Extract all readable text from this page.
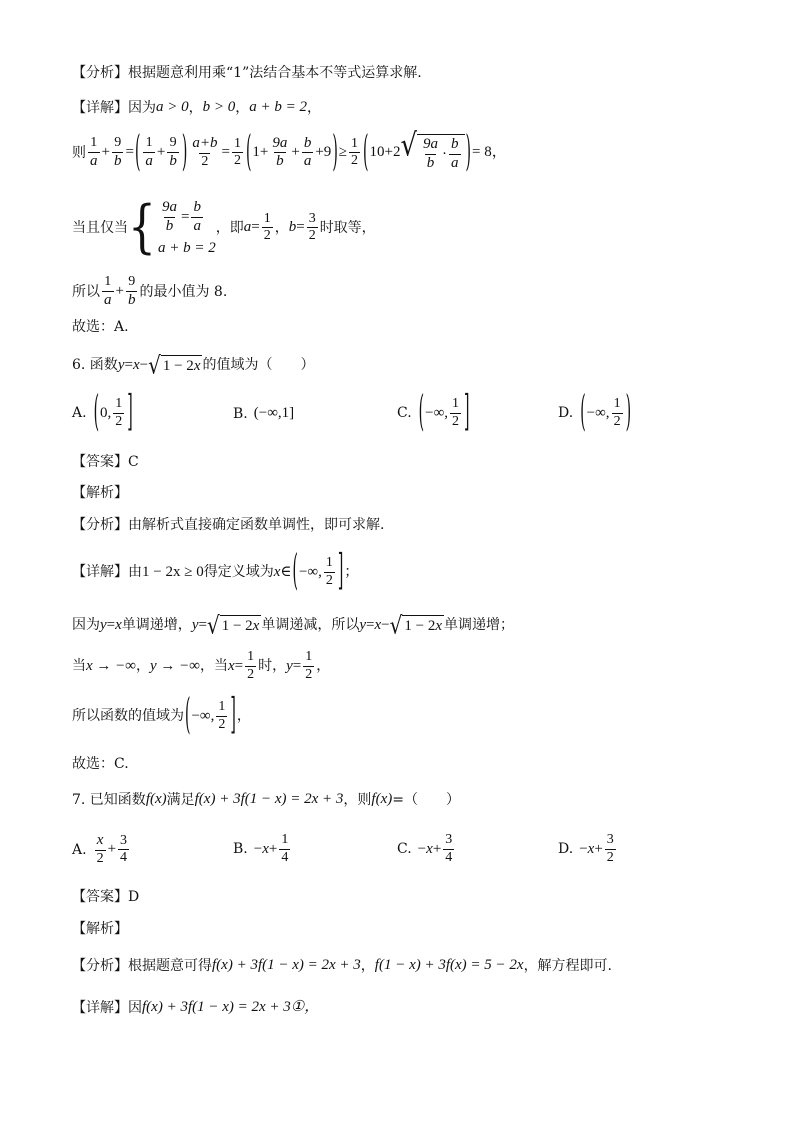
【分析】 根据题意利用乘“1”法结合基本不等式运算求解.
【详解】 因为 a > 0 ， b > 0 ， a + b = 2 ，
则 $\frac{1}{a} + \frac{9}{b}$ = ( $\frac{1}{a} + \frac{9}{b}$ ) $\frac{a+b}{2} = \frac{1}{2}$ ( $1+ \frac{9a}{b} + \frac{b}{a} +9$ ) ≥ $\frac{1}{2}$ ( 10+2 √ $\frac{9a}{b} \cdot \frac{b}{a}$ ) = 8，
当且仅当 { $\frac{9a}{b} = \frac{b}{a}$
a + b = 2
，即 $a = \frac{1}{2}$ ， $b = \frac{3}{2}$ 时取等，
所以 $\frac{1}{a} + \frac{9}{b}$ 的最小值为 8.
故选：A.
6. 函数 y = x − √ 1 − 2 x 的值域为（　　）
A. ( 0, $\frac{1}{2}$ ]	B. (−∞,1]	C. ( −∞, $\frac{1}{2}$ ]	D. ( −∞, $\frac{1}{2}$ )
【答案】 C
【解析】
【分析】 由解析式直接确定函数单调性，即可求解.
【详解】 由 1 − 2x ≥ 0 得定义域为 x ∈ ( −∞, $\frac{1}{2}$ ] ；
因为 y = x 单调递增， y = √ 1 − 2 x 单调递减，所以 y = x − √ 1 − 2 x 单调递增；
当 x → −∞ ， y → −∞ ，当 $x = \frac{1}{2}$ 时， $y = \frac{1}{2}$ ，
所以函数的值域为 ( −∞, $\frac{1}{2}$ ] ，
故选：C.
7. 已知函数 f(x) 满足 f(x) + 3f(1 − x) = 2x + 3 ，则 f(x) =（　　）
A. $\frac{x}{2} + \frac{3}{4}$	B. − $x + \frac{1}{4}$	C. − $x + \frac{3}{4}$	D. − $x + \frac{3}{2}$
【答案】 D
【解析】
【分析】 根据题意可得 f(x) + 3f(1 − x) = 2x + 3 ， f(1 − x) + 3f(x) = 5 − 2x ，解方程即可.
【详解】 因 f(x) + 3f(1 − x) = 2x + 3①，
